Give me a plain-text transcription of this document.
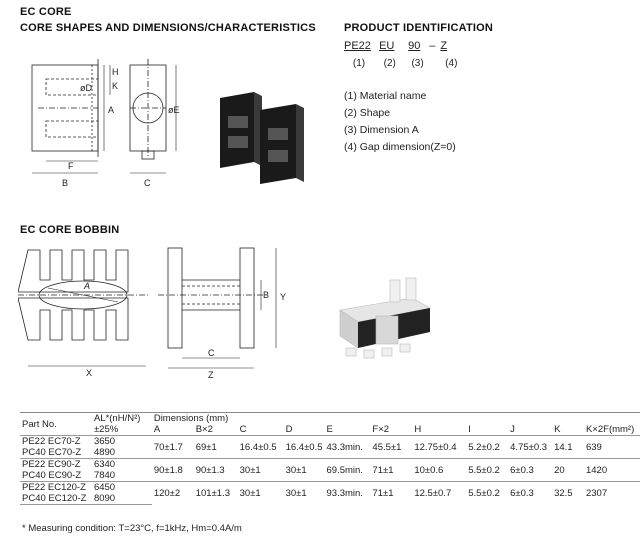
EC CORE
CORE SHAPES AND DIMENSIONS/CHARACTERISTICS	PRODUCT IDENTIFICATION
EC CORE BOBBIN
PE22 EU 90 – Z
(1) (2) (3) (4)
(1) Material name
(2) Shape
(3) Dimension A
(4) Gap dimension(Z=0)
øD
A
H
K
F
B
øE
C
A
X
B Y
C
Z
Part No.	AL*(nH/N²)	Dimensions (mm)										
	±25%	A	B×2	C	D	E	F×2	H	I	J	K	K×2F(mm²)
PE22 EC70-Z	3650	70±1.7	69±1	16.4±0.5	16.4±0.5	43.3min.	45.5±1	12.75±0.4	5.2±0.2	4.75±0.3	14.1	639
PC40 EC70-Z	4890											
PE22 EC90-Z	6340	90±1.8	90±1.3	30±1	30±1	69.5min.	71±1	10±0.6	5.5±0.2	6±0.3	20	1420
PC40 EC90-Z	7840											
PE22 EC120-Z	6450	120±2	101±1.3	30±1	30±1	93.3min.	71±1	12.5±0.7	5.5±0.2	6±0.3	32.5	2307
PC40 EC120-Z	8090											
* Measuring condition: T=23°C, f=1kHz, Hm=0.4A/m
